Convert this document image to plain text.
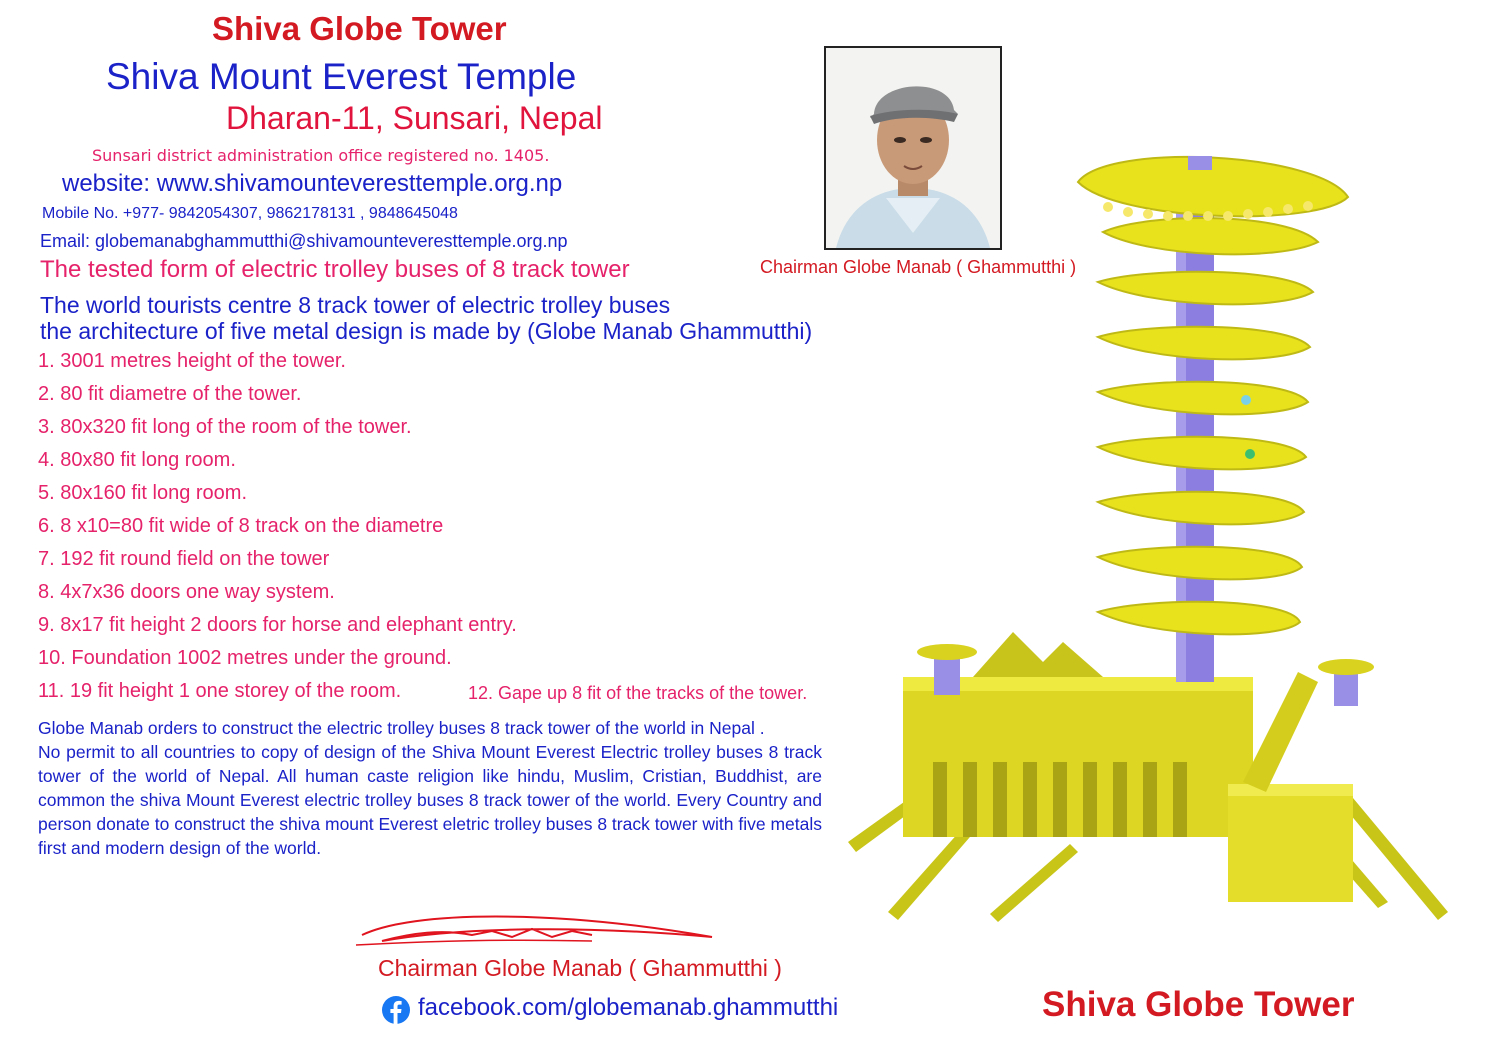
Shiva Globe Tower
Shiva Mount Everest Temple
Dharan-11, Sunsari, Nepal
Sunsari district administration office registered no. 1405.
website: www.shivamounteveresttemple.org.np
Mobile No. +977- 9842054307, 9862178131 , 9848645048
Email: globemanabghammutthi@shivamounteveresttemple.org.np
The tested form of electric trolley buses of 8 track tower
The world tourists centre 8 track tower of electric trolley buses
the architecture of five metal design is made by (Globe Manab Ghammutthi)
1. 3001 metres height of the tower.
2. 80 fit diametre of the tower.
3. 80x320 fit long of the room of the tower.
4. 80x80 fit long room.
5. 80x160 fit long room.
6. 8 x10=80 fit wide of 8 track on the diametre
7. 192 fit round field on the tower
8. 4x7x36 doors one way system.
9. 8x17 fit height 2 doors for horse and elephant entry.
10. Foundation 1002 metres under the ground.
11. 19 fit height 1 one storey of the room.	12. Gape up 8 fit of the tracks of the tower.

Globe Manab orders to construct the electric trolley buses 8 track tower of the world in Nepal .

No permit to all countries to copy of design of the Shiva Mount Everest Electric trolley buses 8 track tower of the world of Nepal. All human caste religion like hindu, Muslim, Cristian, Buddhist, are common the shiva Mount Everest electric trolley buses 8 track tower of the world. Every Country and person donate to construct the shiva mount Everest eletric trolley buses 8 track tower with five metals first and modern design of the world.

Chairman Globe Manab ( Ghammutthi )
Chairman Globe Manab ( Ghammutthi )
facebook.com/globemanab.ghammutthi	Shiva Globe Tower
